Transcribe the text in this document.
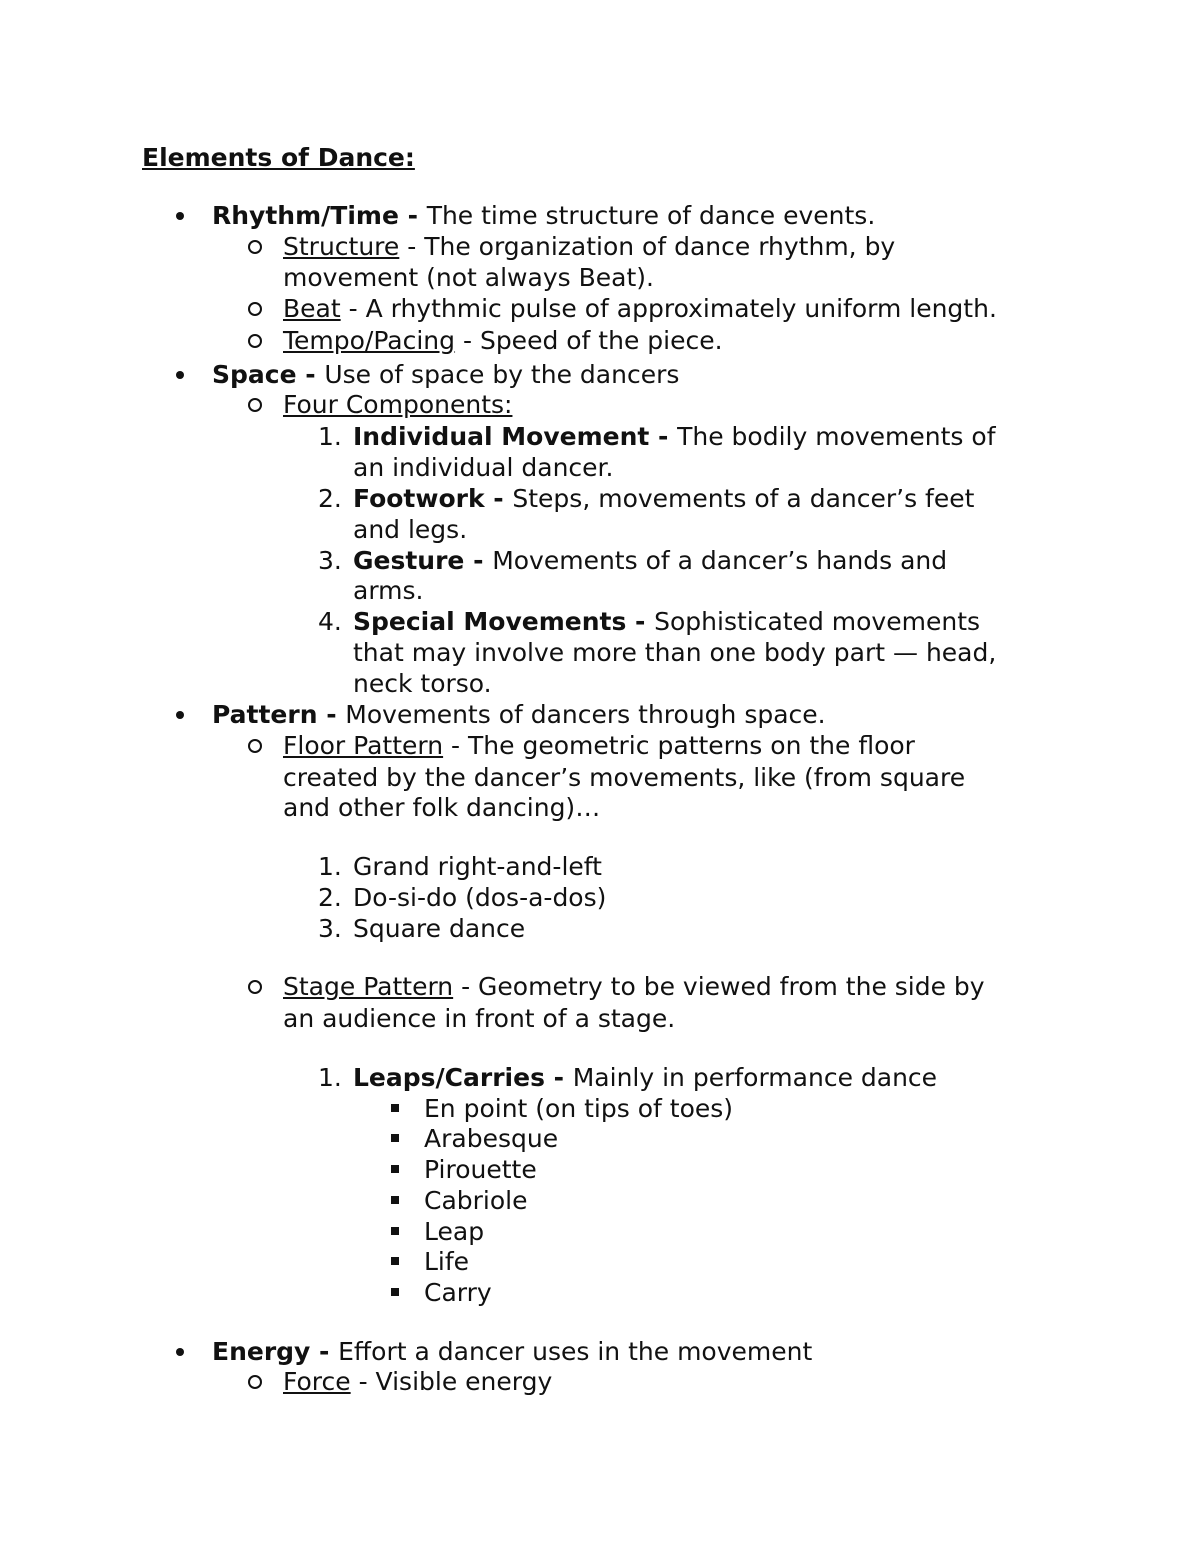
Elements of Dance:
Rhythm/Time - The time structure of dance events.
Structure - The organization of dance rhythm, by
movement (not always Beat).
Beat - A rhythmic pulse of approximately uniform length.
Tempo/Pacing - Speed of the piece.
Space - Use of space by the dancers
Four Components:
1. Individual Movement - The bodily movements of
an individual dancer.
2. Footwork - Steps, movements of a dancer’s feet
and legs.
3. Gesture - Movements of a dancer’s hands and
arms.
4. Special Movements - Sophisticated movements
that may involve more than one body part — head,
neck torso.
Pattern - Movements of dancers through space.
Floor Pattern - The geometric patterns on the floor
created by the dancer’s movements, like (from square
and other folk dancing)…
1. Grand right-and-left
2. Do-si-do (dos-a-dos)
3. Square dance
Stage Pattern - Geometry to be viewed from the side by
an audience in front of a stage.
1. Leaps/Carries - Mainly in performance dance
En point (on tips of toes)
Arabesque
Pirouette
Cabriole
Leap
Life
Carry
Energy - Effort a dancer uses in the movement
Force - Visible energy
